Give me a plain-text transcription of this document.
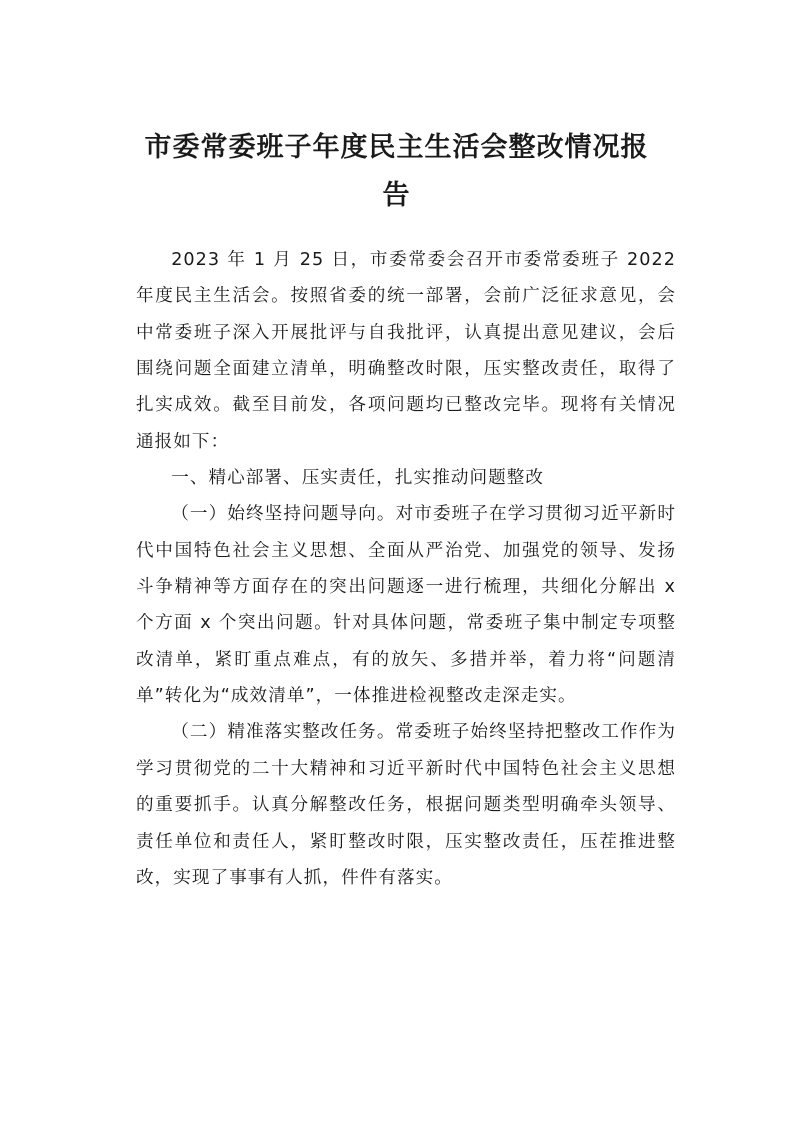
市委常委班子年度民主生活会整改情况报
告

2023 年 1 月 25 日，市委常委会召开市委常委班子 2022 年度民主生活会。按照省委的统一部署，会前广泛征求意见，会中常委班子深入开展批评与自我批评，认真提出意见建议，会后围绕问题全面建立清单，明确整改时限，压实整改责任，取得了扎实成效。截至目前发，各项问题均已整改完毕。现将有关情况通报如下：

一、精心部署、压实责任，扎实推动问题整改

（一）始终坚持问题导向。对市委班子在学习贯彻习近平新时代中国特色社会主义思想、全面从严治党、加强党的领导、发扬斗争精神等方面存在的突出问题逐一进行梳理，共细化分解出 x 个方面 x 个突出问题。针对具体问题，常委班子集中制定专项整改清单，紧盯重点难点，有的放矢、多措并举，着力将“问题清单”转化为“成效清单”，一体推进检视整改走深走实。

（二）精准落实整改任务。常委班子始终坚持把整改工作作为学习贯彻党的二十大精神和习近平新时代中国特色社会主义思想的重要抓手。认真分解整改任务，根据问题类型明确牵头领导、责任单位和责任人，紧盯整改时限，压实整改责任，压茬推进整改，实现了事事有人抓，件件有落实。
